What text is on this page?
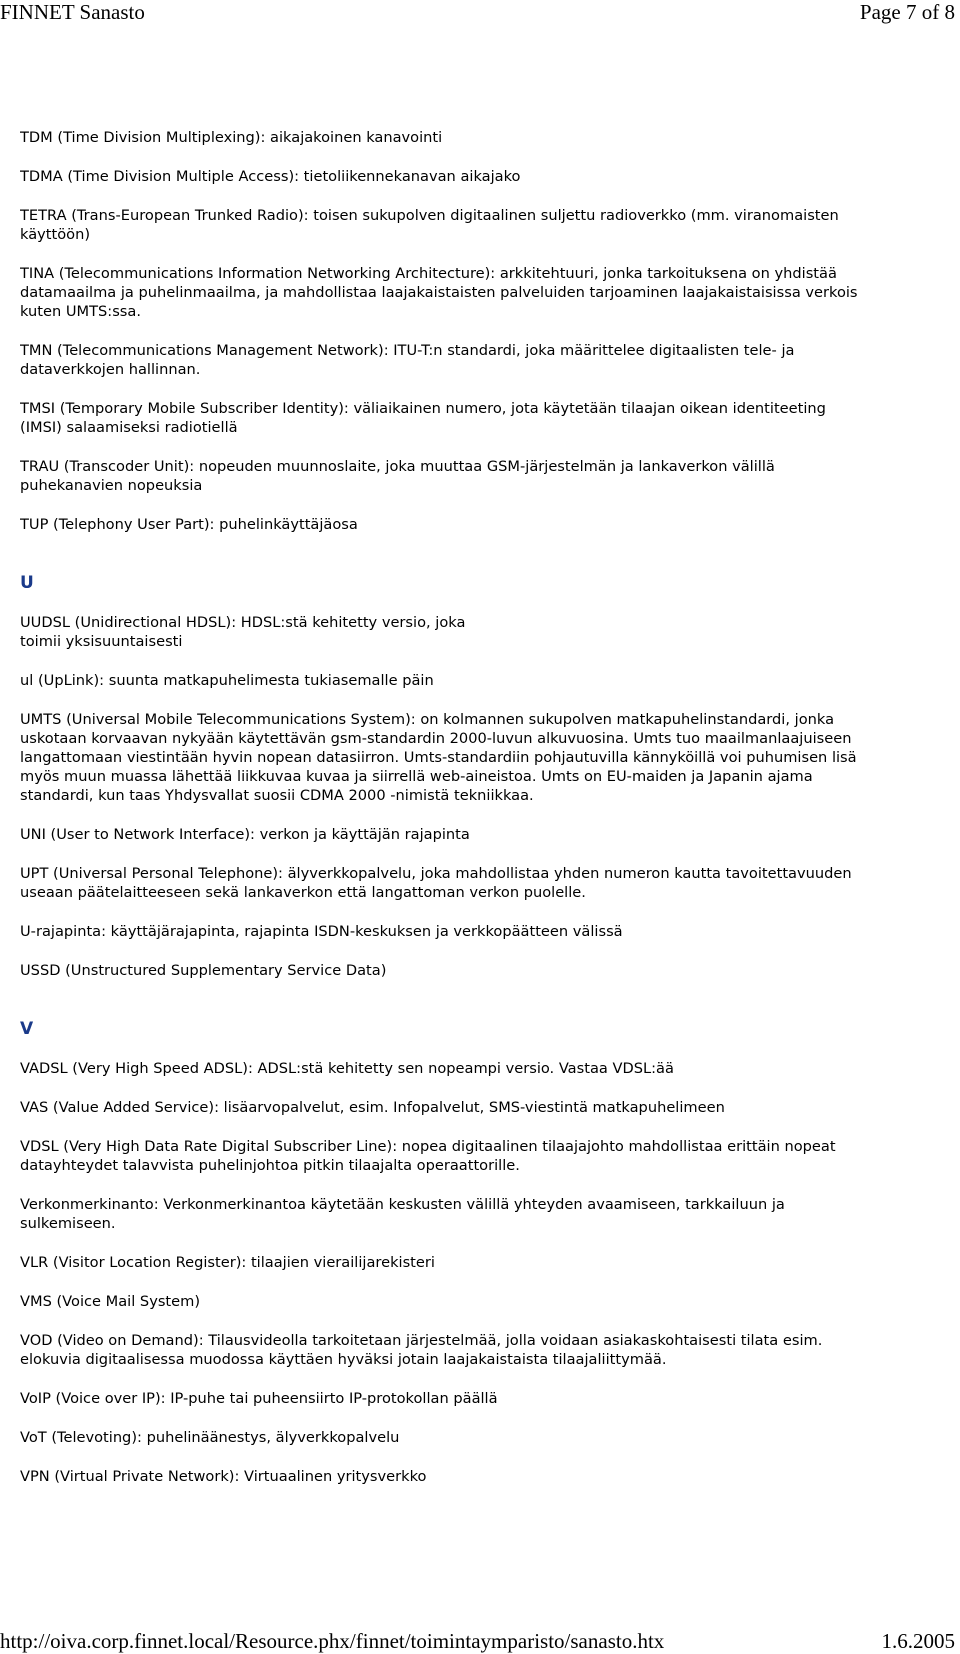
FINNET Sanasto	Page 7 of 8
TDM (Time Division Multiplexing): aikajakoinen kanavointi
TDMA (Time Division Multiple Access): tietoliikennekanavan aikajako
TETRA (Trans-European Trunked Radio): toisen sukupolven digitaalinen suljettu radioverkko (mm. viranomaisten
käyttöön)
TINA (Telecommunications Information Networking Architecture): arkkitehtuuri, jonka tarkoituksena on yhdistää
datamaailma ja puhelinmaailma, ja mahdollistaa laajakaistaisten palveluiden tarjoaminen laajakaistaisissa verkois
kuten UMTS:ssa.
TMN (Telecommunications Management Network): ITU-T:n standardi, joka määrittelee digitaalisten tele- ja
dataverkkojen hallinnan.
TMSI (Temporary Mobile Subscriber Identity): väliaikainen numero, jota käytetään tilaajan oikean identiteeting
(IMSI) salaamiseksi radiotiellä
TRAU (Transcoder Unit): nopeuden muunnoslaite, joka muuttaa GSM-järjestelmän ja lankaverkon välillä
puhekanavien nopeuksia
TUP (Telephony User Part): puhelinkäyttäjäosa
U
UUDSL (Unidirectional HDSL): HDSL:stä kehitetty versio, joka
toimii yksisuuntaisesti
ul (UpLink): suunta matkapuhelimesta tukiasemalle päin
UMTS (Universal Mobile Telecommunications System): on kolmannen sukupolven matkapuhelinstandardi, jonka
uskotaan korvaavan nykyään käytettävän gsm-standardin 2000-luvun alkuvuosina. Umts tuo maailmanlaajuiseen
langattomaan viestintään hyvin nopean datasiirron. Umts-standardiin pohjautuvilla kännyköillä voi puhumisen lisä
myös muun muassa lähettää liikkuvaa kuvaa ja siirrellä web-aineistoa. Umts on EU-maiden ja Japanin ajama
standardi, kun taas Yhdysvallat suosii CDMA 2000 -nimistä tekniikkaa.
UNI (User to Network Interface): verkon ja käyttäjän rajapinta
UPT (Universal Personal Telephone): älyverkkopalvelu, joka mahdollistaa yhden numeron kautta tavoitettavuuden
useaan päätelaitteeseen sekä lankaverkon että langattoman verkon puolelle.
U-rajapinta: käyttäjärajapinta, rajapinta ISDN-keskuksen ja verkkopäätteen välissä
USSD (Unstructured Supplementary Service Data)
V
VADSL (Very High Speed ADSL): ADSL:stä kehitetty sen nopeampi versio. Vastaa VDSL:ää
VAS (Value Added Service): lisäarvopalvelut, esim. Infopalvelut, SMS-viestintä matkapuhelimeen
VDSL (Very High Data Rate Digital Subscriber Line): nopea digitaalinen tilaajajohto mahdollistaa erittäin nopeat
datayhteydet talavvista puhelinjohtoa pitkin tilaajalta operaattorille.
Verkonmerkinanto: Verkonmerkinantoa käytetään keskusten välillä yhteyden avaamiseen, tarkkailuun ja
sulkemiseen.
VLR (Visitor Location Register): tilaajien vierailijarekisteri
VMS (Voice Mail System)
VOD (Video on Demand): Tilausvideolla tarkoitetaan järjestelmää, jolla voidaan asiakaskohtaisesti tilata esim.
elokuvia digitaalisessa muodossa käyttäen hyväksi jotain laajakaistaista tilaajaliittymää.
VoIP (Voice over IP): IP-puhe tai puheensiirto IP-protokollan päällä
VoT (Televoting): puhelinäänestys, älyverkkopalvelu
VPN (Virtual Private Network): Virtuaalinen yritysverkko
http://oiva.corp.finnet.local/Resource.phx/finnet/toimintaymparisto/sanasto.htx	1.6.2005
